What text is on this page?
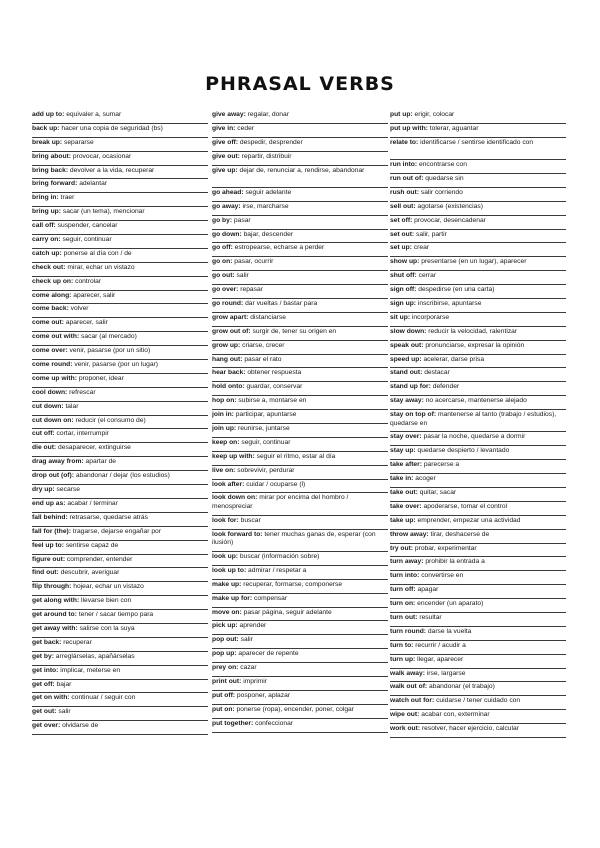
PHRASAL VERBS
add up to: equivaler a, sumar
back up: hacer una copia de seguridad (bs)
break up: separarse
bring about: provocar, ocasionar
bring back: devolver a la vida, recuperar
bring forward: adelantar
bring in: traer
bring up: sacar (un tema), mencionar
call off: suspender, cancelar
carry on: seguir, continuar
catch up: ponerse al día con / de
check out: mirar, echar un vistazo
check up on: controlar
come along: aparecer, salir
come back: volver
come out: aparecer, salir
come out with: sacar (al mercado)
come over: venir, pasarse (por un sitio)
come round: venir, pasarse (por un lugar)
come up with: proponer, idear
cool down: refrescar
cut down: talar
cut down on: reducir (el consumo de)
cut off: cortar, interrumpir
die out: desaparecer, extinguirse
drag away from: apartar de
drop out (of): abandonar / dejar (los estudios)
dry up: secarse
end up as: acabar / terminar
fall behind: retrasarse, quedarse atrás
fall for (the): tragarse, dejarse engañar por
feel up to: sentirse capaz de
figure out: comprender, entender
find out: descubrir, averiguar
flip through: hojear, echar un vistazo
get along with: llevarse bien con
get around to: tener / sacar tiempo para
get away with: salirse con la suya
get back: recuperar
get by: arreglárselas, apañárselas
get into: implicar, meterse en
get off: bajar
get on with: continuar / seguir con
get out: salir
get over: olvidarse de
give away: regalar, donar
give in: ceder
give off: despedir, desprender
give out: repartir, distribuir
give up: dejar de, renunciar a, rendirse, abandonar
go ahead: seguir adelante
go away: irse, marcharse
go by: pasar
go down: bajar, descender
go off: estropearse, echarse a perder
go on: pasar, ocurrir
go out: salir
go over: repasar
go round: dar vueltas / bastar para
grow apart: distanciarse
grow out of: surgir de, tener su origen en
grow up: criarse, crecer
hang out: pasar el rato
hear back: obtener respuesta
hold onto: guardar, conservar
hop on: subirse a, montarse en
join in: participar, apuntarse
join up: reunirse, juntarse
keep on: seguir, continuar
keep up with: seguir el ritmo, estar al día
live on: sobrevivir, perdurar
look after: cuidar / ocuparse (l)
look down on: mirar por encima del hombro / menospreciar
look for: buscar
look forward to: tener muchas ganas de, esperar (con ilusión)
look up: buscar (información sobre)
look up to: admirar / respetar a
make up: recuperar, formarse, componerse
make up for: compensar
move on: pasar página, seguir adelante
pick up: aprender
pop out: salir
pop up: aparecer de repente
prey on: cazar
print out: imprimir
put off: posponer, aplazar
put on: ponerse (ropa), encender, poner, colgar
put together: confeccionar
put up: erigir, colocar
put up with: tolerar, aguantar
relate to: identificarse / sentirse identificado con
run into: encontrarse con
run out of: quedarse sin
rush out: salir corriendo
sell out: agotarse (existencias)
set off: provocar, desencadenar
set out: salir, partir
set up: crear
show up: presentarse (en un lugar), aparecer
shut off: cerrar
sign off: despedirse (en una carta)
sign up: inscribirse, apuntarse
sit up: incorporarse
slow down: reducir la velocidad, ralentizar
speak out: pronunciarse, expresar la opinión
speed up: acelerar, darse prisa
stand out: destacar
stand up for: defender
stay away: no acercarse, mantenerse alejado
stay on top of: mantenerse al tanto (trabajo / estudios), quedarse en
stay over: pasar la noche, quedarse a dormir
stay up: quedarse despierto / levantado
take after: parecerse a
take in: acoger
take out: quitar, sacar
take over: apoderarse, tomar el control
take up: emprender, empezar una actividad
throw away: tirar, deshacerse de
try out: probar, experimentar
turn away: prohibir la entrada a
turn into: convertirse en
turn off: apagar
turn on: encender (un aparato)
turn out: resultar
turn round: darse la vuelta
turn to: recurrir / acudir a
turn up: llegar, aparecer
walk away: irse, largarse
walk out of: abandonar (el trabajo)
watch out for: cuidarse / tener cuidado con
wipe out: acabar con, exterminar
work out: resolver, hacer ejercicio, calcular
